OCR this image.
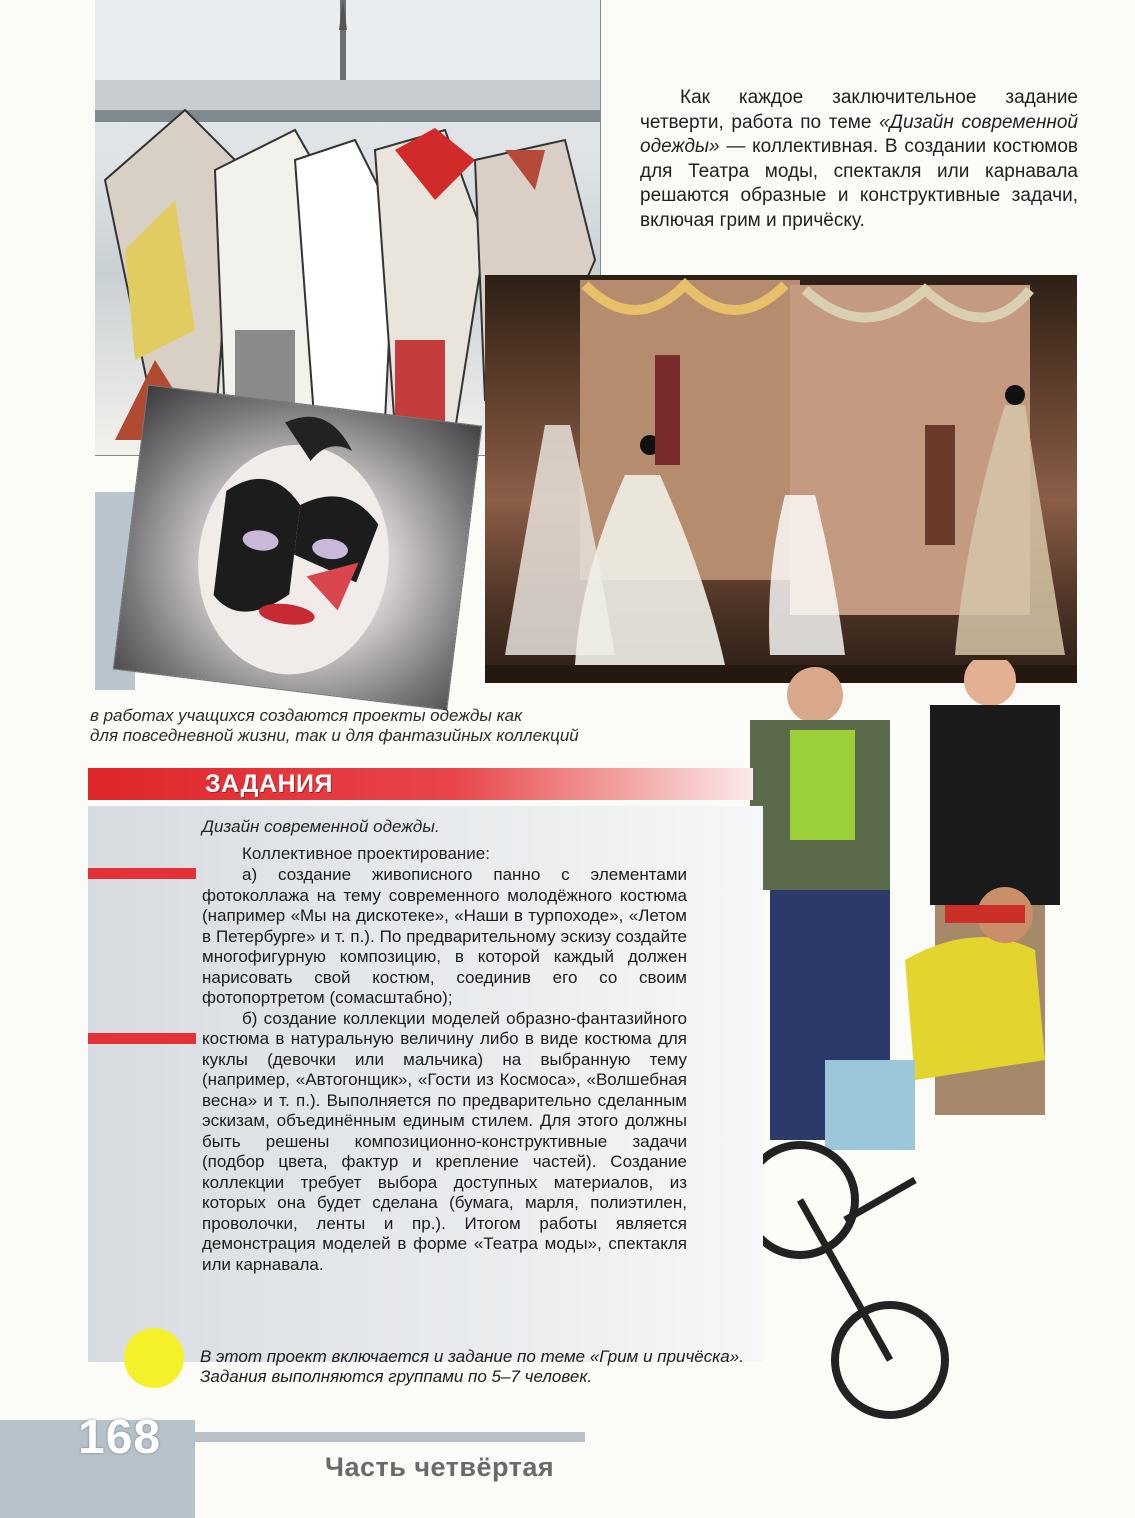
Как каждое заключительное задание четверти, работа по теме «Дизайн современной одежды» — коллективная. В создании костюмов для Театра моды, спектакля или карнавала решаются образные и конструктивные задачи, включая грим и причёску.
в работах учащихся создаются проекты одежды как
для повседневной жизни, так и для фантазийных коллекций
ЗАДАНИЯ
Дизайн современной одежды.
Коллективное проектирование:

а) создание живописного панно с элементами фотоколлажа на тему современного молодёжного костюма (например «Мы на дискотеке», «Наши в турпоходе», «Летом в Петербурге» и т. п.). По предварительному эскизу создайте многофигурную композицию, в которой каждый должен нарисовать свой костюм, соединив его со своим фотопортретом (сомасштабно);

б) создание коллекции моделей образно-фантазийного костюма в натуральную величину либо в виде костюма для куклы (девочки или мальчика) на выбранную тему (например, «Автогонщик», «Гости из Космоса», «Волшебная весна» и т. п.). Выполняется по предварительно сделанным эскизам, объединённым единым стилем. Для этого должны быть решены композиционно-конструктивные задачи (подбор цвета, фактур и крепление частей). Создание коллекции требует выбора доступных материалов, из которых она будет сделана (бумага, марля, полиэтилен, проволочки, ленты и пр.). Итогом работы является демонстрация моделей в форме «Театра моды», спектакля или карнавала.

В этот проект включается и задание по теме «Грим и причёска».
Задания выполняются группами по 5–7 человек.
168
Часть четвёртая
